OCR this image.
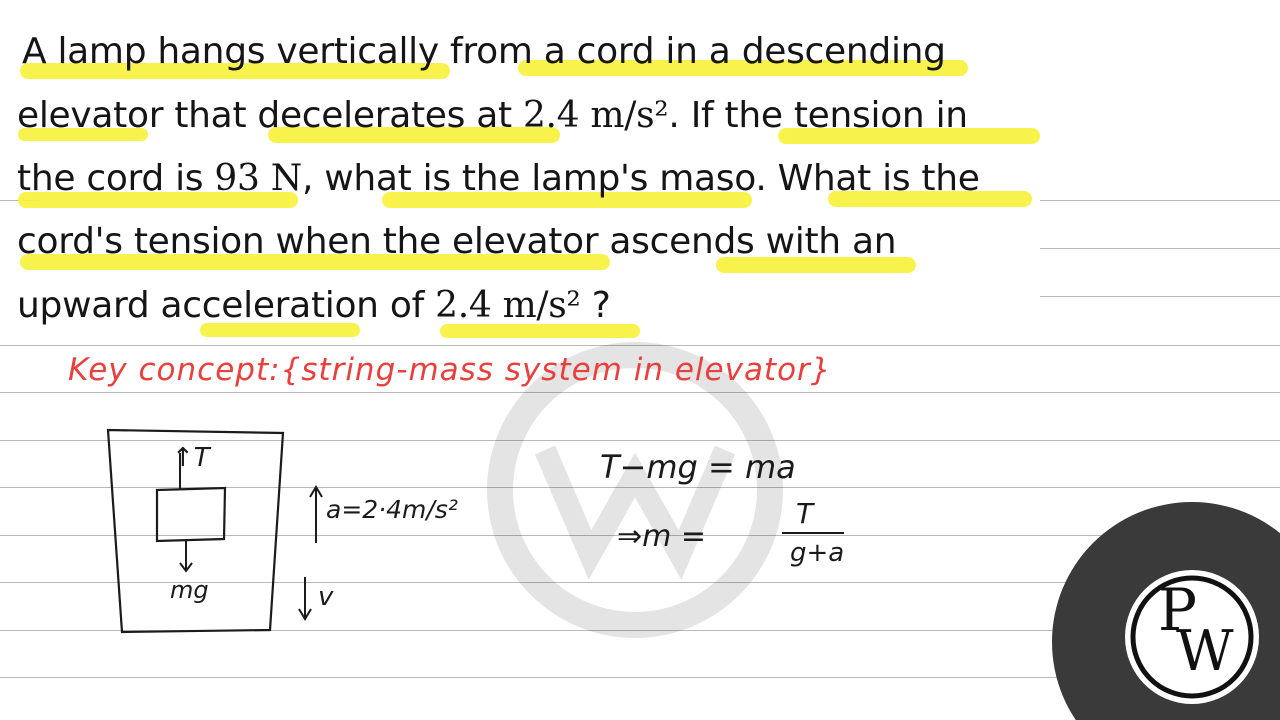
A lamp hangs vertically from a cord in a descending
elevator that decelerates at 2.4 m/s². If the tension in
the cord is 93 N, what is the lamp's maso. What is the
cord's tension when the elevator ascends with an
upward acceleration of 2.4 m/s² ?
Key concept:{string-mass system in elevator}
↑T
mg
a=2·4m/s²
v
T−mg = ma
⇒m =
T
g+a
P
W
